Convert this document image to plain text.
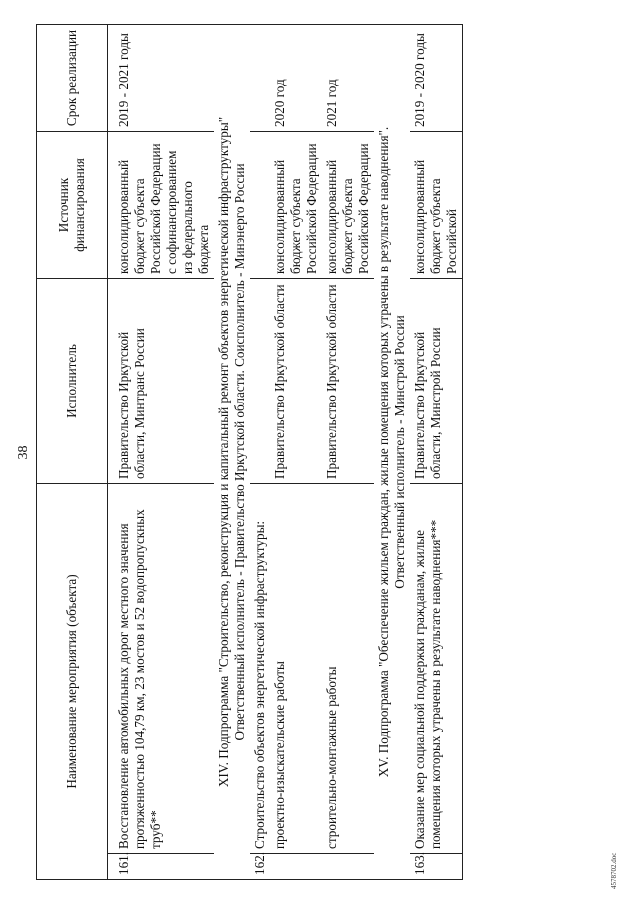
38
Наименование мероприятия (объекта)		Исполнитель	Источник финансирования	Срок реализации

161.	Восстановление автомобильных дорог местного значения протяженностью 104,79 км, 23 мостов и 52 водопропускных труб**	Правительство Иркутской области, Минтранс России	консолидированный бюджет субъекта Российской Федерации с софинансированием из федерального бюджета	2019 - 2021 годы

XIV. Подпрограмма "Строительство, реконструкция и капитальный ремонт объектов энергетической инфраструктуры" Ответственный исполнитель - Правительство Иркутской области. Соисполнитель - Минэнерго России				

162.	Строительство объектов энергетической инфраструктуры:			
	проектно-изыскательские работы	Правительство Иркутской области	консолидированный бюджет субъекта Российской Федерации	2020 год
	строительно-монтажные работы	Правительство Иркутской области	консолидированный бюджет субъекта Российской Федерации	2021 год

XV. Подпрограмма "Обеспечение жильем граждан, жилые помещения которых утрачены в результате наводнения". Ответственный исполнитель - Минстрой России				

163.	Оказание мер социальной поддержки гражданам, жилые помещения которых утрачены в результате наводнения***	Правительство Иркутской области, Минстрой России	консолидированный бюджет субъекта Российской	2019 - 2020 годы
4578702.doc
